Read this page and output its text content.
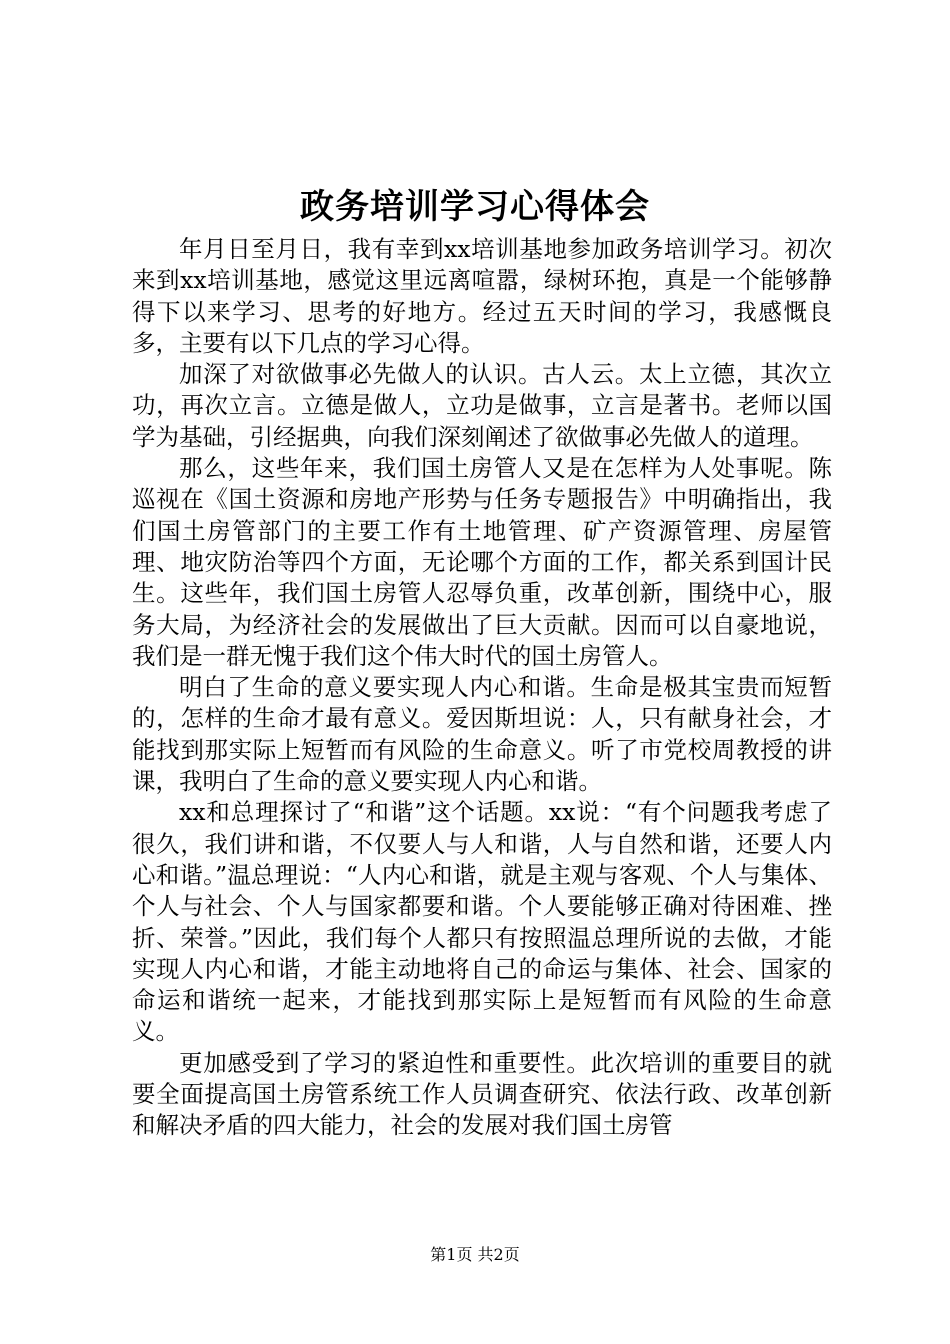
政务培训学习心得体会

年月日至月日，我有幸到xx培训基地参加政务培训学习。初次来到xx培训基地，感觉这里远离喧嚣，绿树环抱，真是一个能够静得下以来学习、思考的好地方。经过五天时间的学习，我感慨良多，主要有以下几点的学习心得。

加深了对欲做事必先做人的认识。古人云。太上立德，其次立功，再次立言。立德是做人，立功是做事，立言是著书。老师以国学为基础，引经据典，向我们深刻阐述了欲做事必先做人的道理。

那么，这些年来，我们国土房管人又是在怎样为人处事呢。陈巡视在《国土资源和房地产形势与任务专题报告》中明确指出，我们国土房管部门的主要工作有土地管理、矿产资源管理、房屋管理、地灾防治等四个方面，无论哪个方面的工作，都关系到国计民生。这些年，我们国土房管人忍辱负重，改革创新，围绕中心，服务大局，为经济社会的发展做出了巨大贡献。因而可以自豪地说，我们是一群无愧于我们这个伟大时代的国土房管人。

明白了生命的意义要实现人内心和谐。生命是极其宝贵而短暂的，怎样的生命才最有意义。爱因斯坦说：人，只有献身社会，才能找到那实际上短暂而有风险的生命意义。听了市党校周教授的讲课，我明白了生命的意义要实现人内心和谐。

xx和总理探讨了“和谐”这个话题。xx说：“有个问题我考虑了很久，我们讲和谐，不仅要人与人和谐，人与自然和谐，还要人内心和谐。”温总理说：“人内心和谐，就是主观与客观、个人与集体、个人与社会、个人与国家都要和谐。个人要能够正确对待困难、挫折、荣誉。”因此，我们每个人都只有按照温总理所说的去做，才能实现人内心和谐，才能主动地将自己的命运与集体、社会、国家的命运和谐统一起来，才能找到那实际上是短暂而有风险的生命意义。

更加感受到了学习的紧迫性和重要性。此次培训的重要目的就要全面提高国土房管系统工作人员调查研究、依法行政、改革创新和解决矛盾的四大能力，社会的发展对我们国土房管

第1页 共2页
